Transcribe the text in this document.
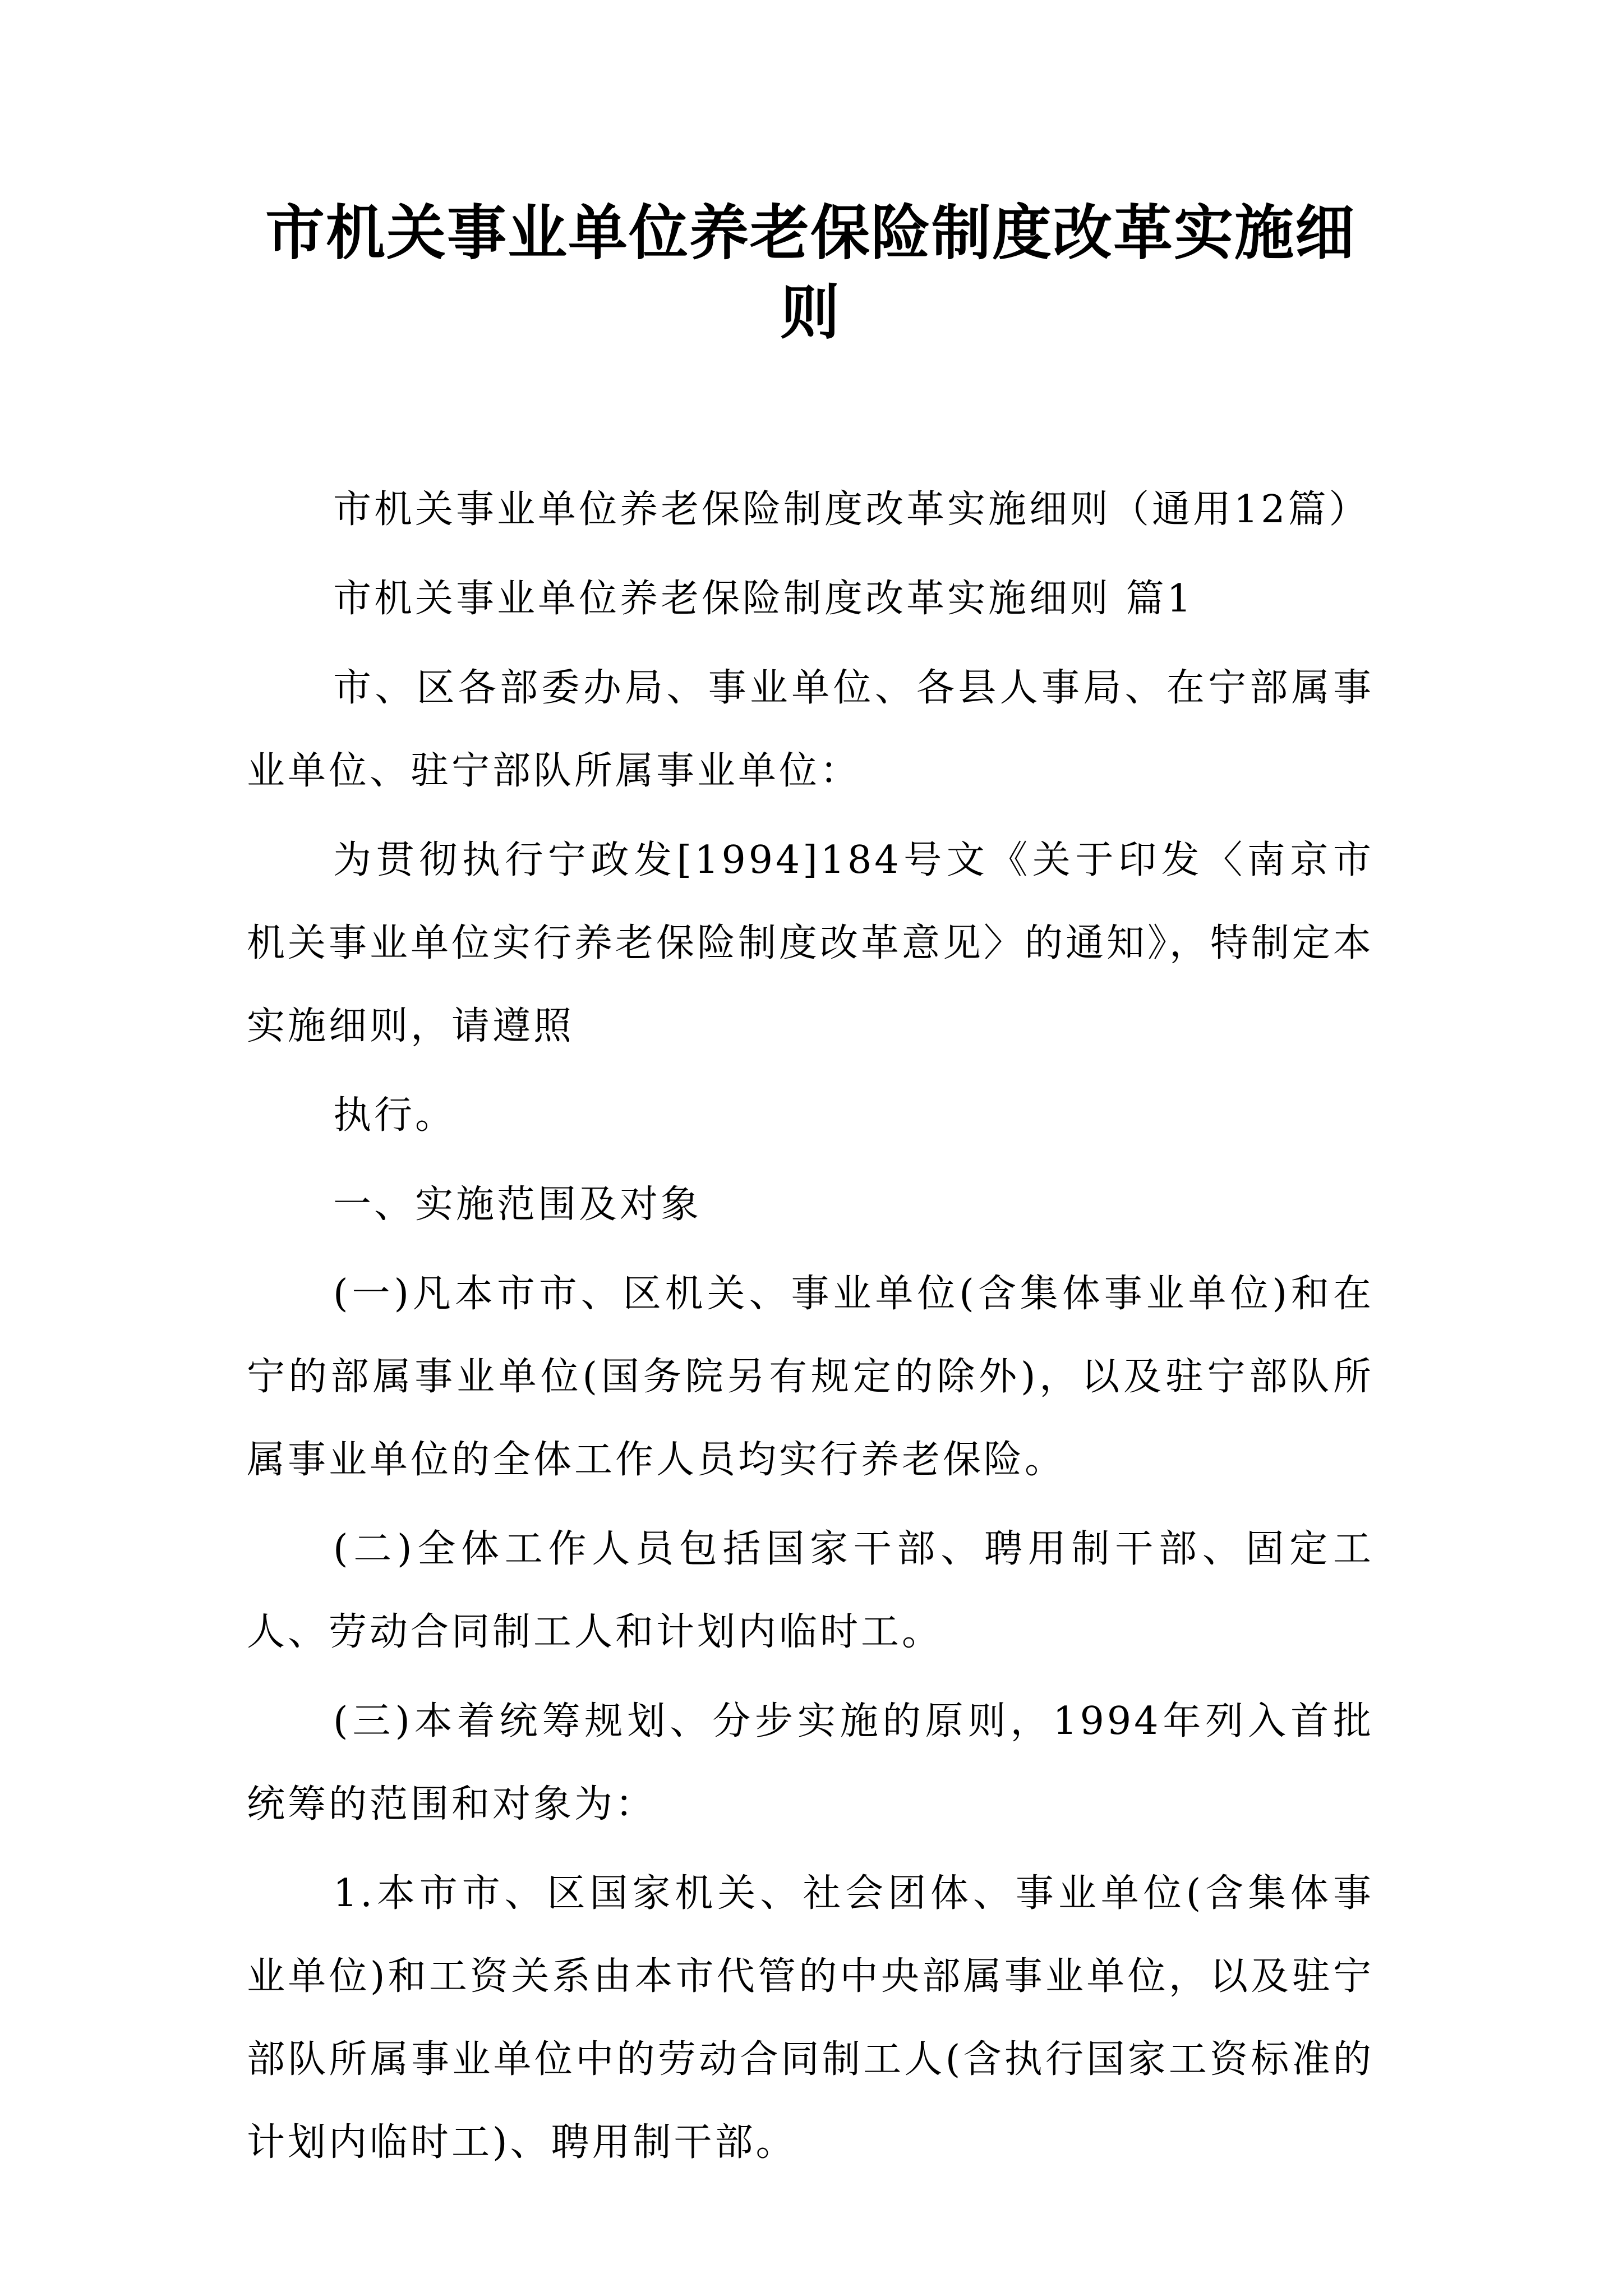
市机关事业单位养老保险制度改革实施细则

市机关事业单位养老保险制度改革实施细则（通用12篇）

市机关事业单位养老保险制度改革实施细则 篇1

市、区各部委办局、事业单位、各县人事局、在宁部属事业单位、驻宁部队所属事业单位：

为贯彻执行宁政发[1994]184号文《关于印发〈南京市机关事业单位实行养老保险制度改革意见〉的通知》，特制定本实施细则，请遵照

执行。

一、实施范围及对象

(一)凡本市市、区机关、事业单位(含集体事业单位)和在宁的部属事业单位(国务院另有规定的除外)，以及驻宁部队所属事业单位的全体工作人员均实行养老保险。

(二)全体工作人员包括国家干部、聘用制干部、固定工人、劳动合同制工人和计划内临时工。

(三)本着统筹规划、分步实施的原则，1994年列入首批统筹的范围和对象为：

1.本市市、区国家机关、社会团体、事业单位(含集体事业单位)和工资关系由本市代管的中央部属事业单位，以及驻宁部队所属事业单位中的劳动合同制工人(含执行国家工资标准的计划内临时工)、聘用制干部。
